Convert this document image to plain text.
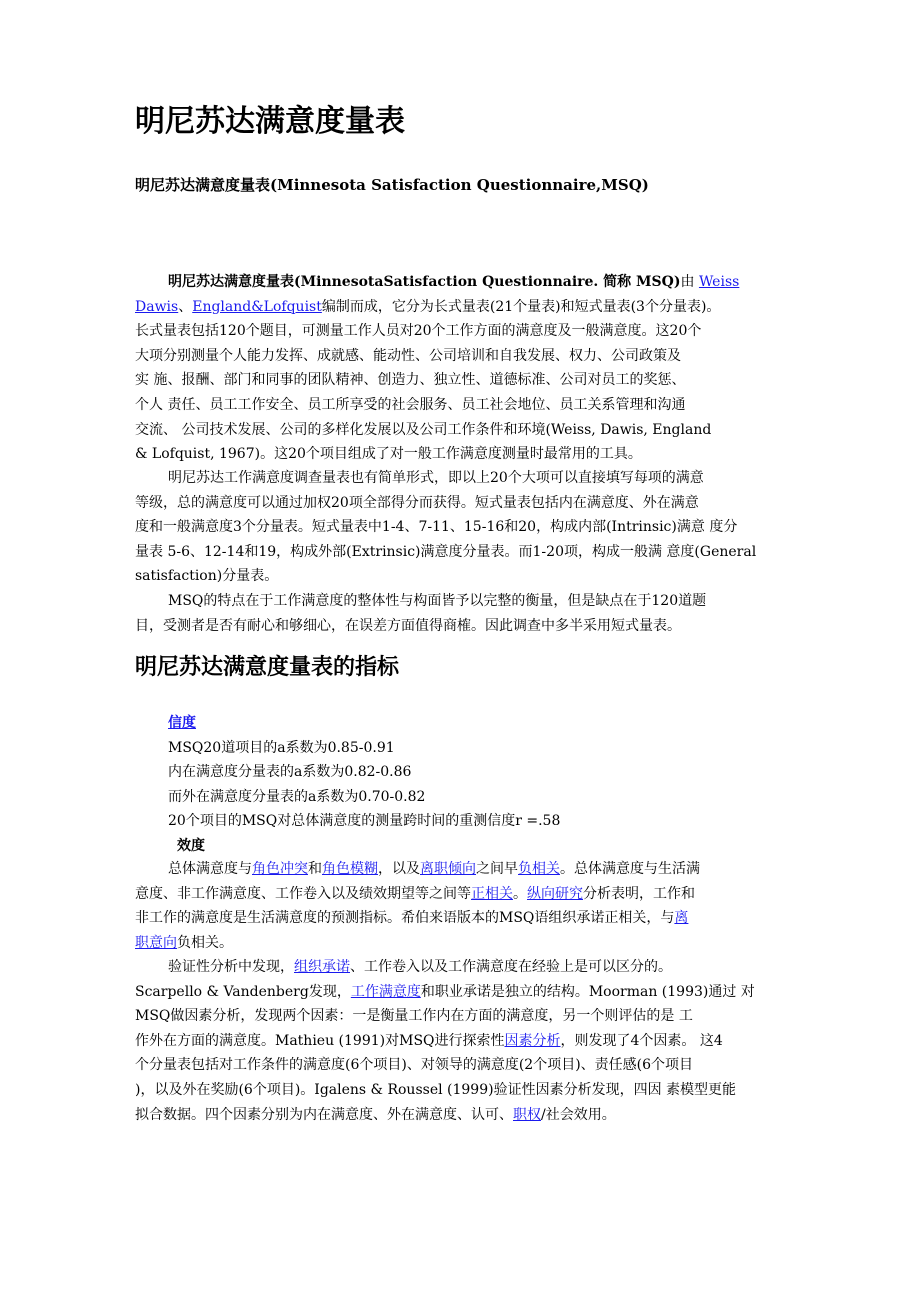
明尼苏达满意度量表

明尼苏达满意度量表(Minnesota Satisfaction Questionnaire,MSQ)

明尼苏达满意度量表(MinnesotaSatisfaction Questionnaire. 简称 MSQ)由 Weiss
Dawis、England&Lofquist编制而成，它分为长式量表(21个量表)和短式量表(3个分量表)。
长式量表包括120个题目，可测量工作人员对20个工作方面的满意度及一般满意度。这20个
大项分别测量个人能力发挥、成就感、能动性、公司培训和自我发展、权力、公司政策及
实 施、报酬、部门和同事的团队精神、创造力、独立性、道德标准、公司对员工的奖惩、
个人 责任、员工工作安全、员工所享受的社会服务、员工社会地位、员工关系管理和沟通
交流、 公司技术发展、公司的多样化发展以及公司工作条件和环境(Weiss, Dawis, England
& Lofquist, 1967)。这20个项目组成了对一般工作满意度测量时最常用的工具。
明尼苏达工作满意度调查量表也有简单形式，即以上20个大项可以直接填写每项的满意
等级，总的满意度可以通过加权20项全部得分而获得。短式量表包括内在满意度、外在满意
度和一般满意度3个分量表。短式量表中1-4、7-11、15-16和20，构成内部(Intrinsic)满意 度分
量表 5-6、12-14和19，构成外部(Extrinsic)满意度分量表。而1-20项，构成一般满 意度(General
satisfaction)分量表。
MSQ的特点在于工作满意度的整体性与构面皆予以完整的衡量，但是缺点在于120道题
目，受测者是否有耐心和够细心，在误差方面值得商榷。因此调查中多半采用短式量表。
明尼苏达满意度量表的指标
信度
MSQ20道项目的a系数为0.85-0.91
内在满意度分量表的a系数为0.82-0.86
而外在满意度分量表的a系数为0.70-0.82
20个项目的MSQ对总体满意度的测量跨时间的重测信度r =.58
效度
总体满意度与角色冲突和角色模糊，以及离职倾向之间早负相关。总体满意度与生活满
意度、非工作满意度、工作卷入以及绩效期望等之间等正相关。纵向研究分析表明，工作和
非工作的满意度是生活满意度的预测指标。希伯来语版本的MSQ语组织承诺正相关，与离
职意向负相关。
验证性分析中发现，组织承诺、工作卷入以及工作满意度在经验上是可以区分的。
Scarpello & Vandenberg发现，工作满意度和职业承诺是独立的结构。Moorman (1993)通过 对
MSQ做因素分析，发现两个因素：一是衡量工作内在方面的满意度，另一个则评估的是 工
作外在方面的满意度。Mathieu (1991)对MSQ进行探索性因素分析，则发现了4个因素。 这4
个分量表包括对工作条件的满意度(6个项目)、对领导的满意度(2个项目)、责任感(6个项目
)，以及外在奖励(6个项目)。Igalens & Roussel (1999)验证性因素分析发现，四因 素模型更能
拟合数据。四个因素分别为内在满意度、外在满意度、认可、职权/社会效用。
